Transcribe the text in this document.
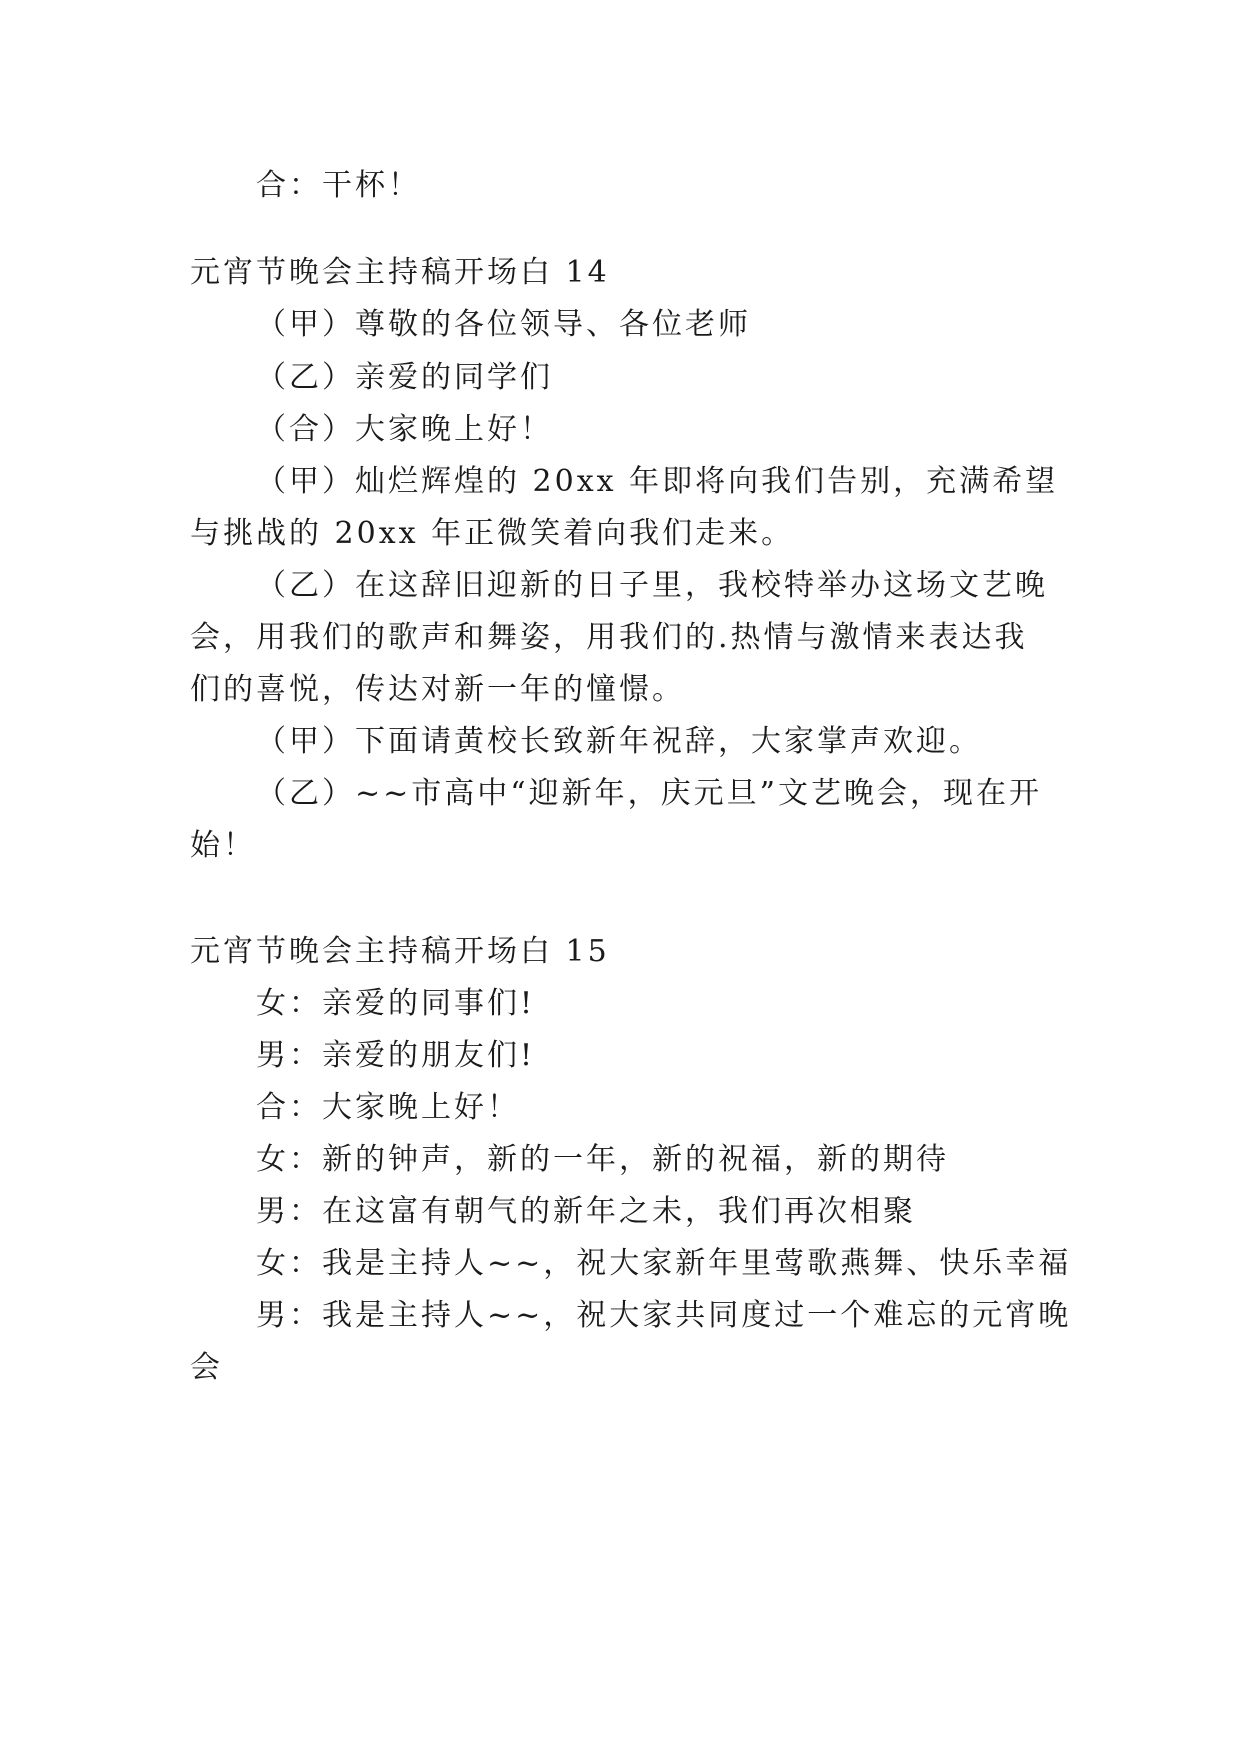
合：干杯！
元宵节晚会主持稿开场白 14
（甲）尊敬的各位领导、各位老师
（乙）亲爱的同学们
（合）大家晚上好！
（甲）灿烂辉煌的 20xx 年即将向我们告别，充满希望
与挑战的 20xx 年正微笑着向我们走来。
（乙）在这辞旧迎新的日子里，我校特举办这场文艺晚
会，用我们的歌声和舞姿，用我们的.热情与激情来表达我
们的喜悦，传达对新一年的憧憬。
（甲）下面请黄校长致新年祝辞，大家掌声欢迎。
（乙）~~市高中“迎新年，庆元旦”文艺晚会，现在开
始！
元宵节晚会主持稿开场白 15
女：亲爱的同事们!
男：亲爱的朋友们!
合：大家晚上好！
女：新的钟声，新的一年，新的祝福，新的期待
男：在这富有朝气的新年之未，我们再次相聚
女：我是主持人~~，祝大家新年里莺歌燕舞、快乐幸福
男：我是主持人~~，祝大家共同度过一个难忘的元宵晚
会
